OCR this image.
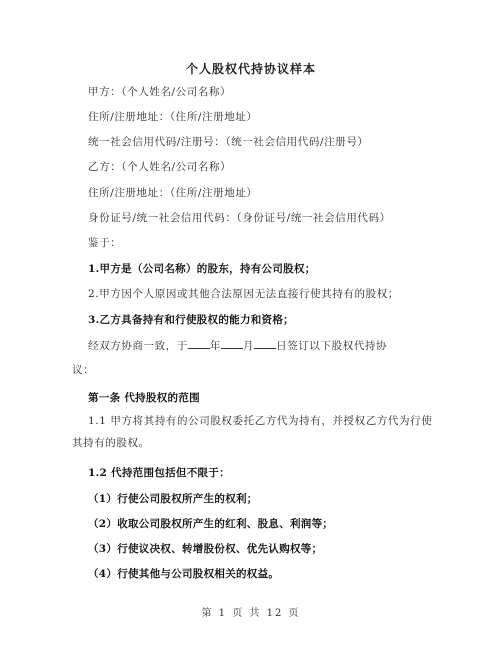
个人股权代持协议样本
甲方：（个人姓名/公司名称）
住所/注册地址：（住所/注册地址）
统一社会信用代码/注册号：（统一社会信用代码/注册号）
乙方：（个人姓名/公司名称）
住所/注册地址：（住所/注册地址）
身份证号/统一社会信用代码：（身份证号/统一社会信用代码）
鉴于：
1.甲方是（公司名称）的股东，持有公司股权；
2.甲方因个人原因或其他合法原因无法直接行使其持有的股权；
3.乙方具备持有和行使股权的能力和资格；
经双方协商一致，于 年 月 日签订以下股权代持协
议：
第一条 代持股权的范围
1.1 甲方将其持有的公司股权委托乙方代为持有，并授权乙方代为行使其持有的股权。
1.2 代持范围包括但不限于：
（1）行使公司股权所产生的权利；
（2）收取公司股权所产生的红利、股息、利润等；
（3）行使议决权、转增股份权、优先认购权等；
（4）行使其他与公司股权相关的权益。
第 1 页 共 12 页
